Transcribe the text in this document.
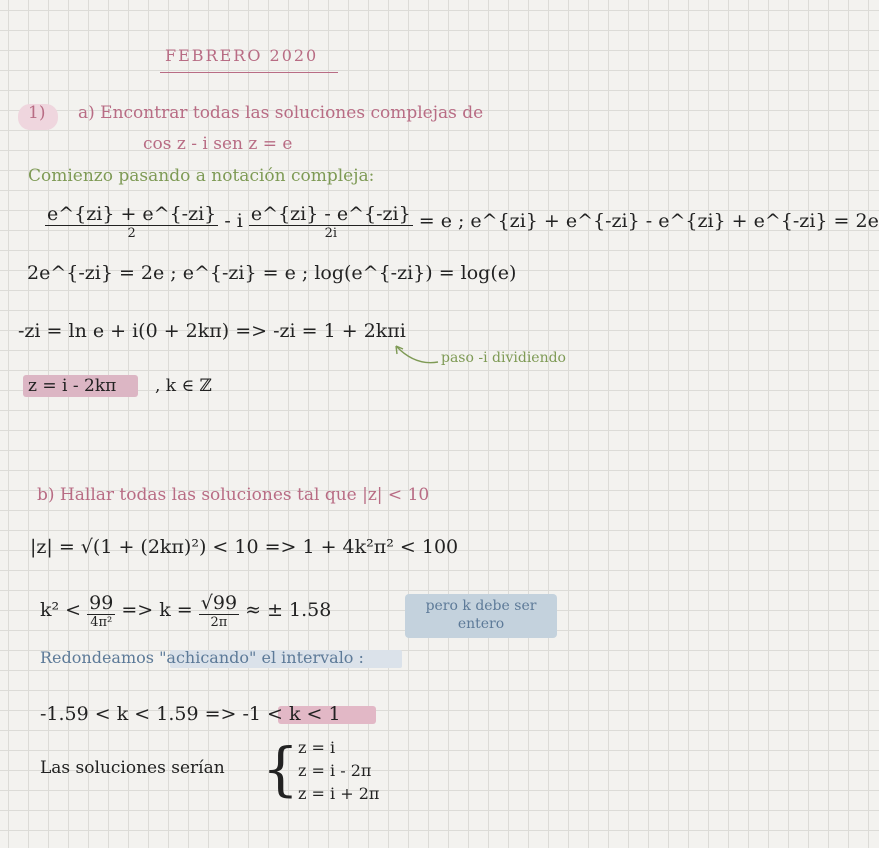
FEBRERO 2020
1) a) Encontrar todas las soluciones complejas de
cos z - i sen z = e
Comienzo pasando a notación compleja:
$\frac{e\^{}\{zi\} + e\^{}\{-zi\}}{2} - i \frac{e\^{}\{zi\} - e\^{}\{-zi\}}{2i} = e$ ; e^{zi} + e^{-zi} - e^{zi} + e^{-zi} = 2e
2e^{-zi} = 2e ; e^{-zi} = e ; log(e^{-zi}) = log(e)
-zi = ln e + i(0 + 2kπ) => -zi = 1 + 2kπi
paso -i dividiendo
z = i - 2kπ , k ∈ ℤ
b) Hallar todas las soluciones tal que |z| < 10
|z| = √(1 + (2kπ)²) < 10 => 1 + 4k²π² < 100
$k^2 < \frac{99}{\text{4π²}} => k = \frac{√99}{2\pi}$ ≈ ± 1.58	pero k debe ser entero
Redondeamos "achicando" el intervalo :
-1.59 < k < 1.59 => -1 < k < 1
Las soluciones serían { z = i
z = i - 2π
z = i + 2π
